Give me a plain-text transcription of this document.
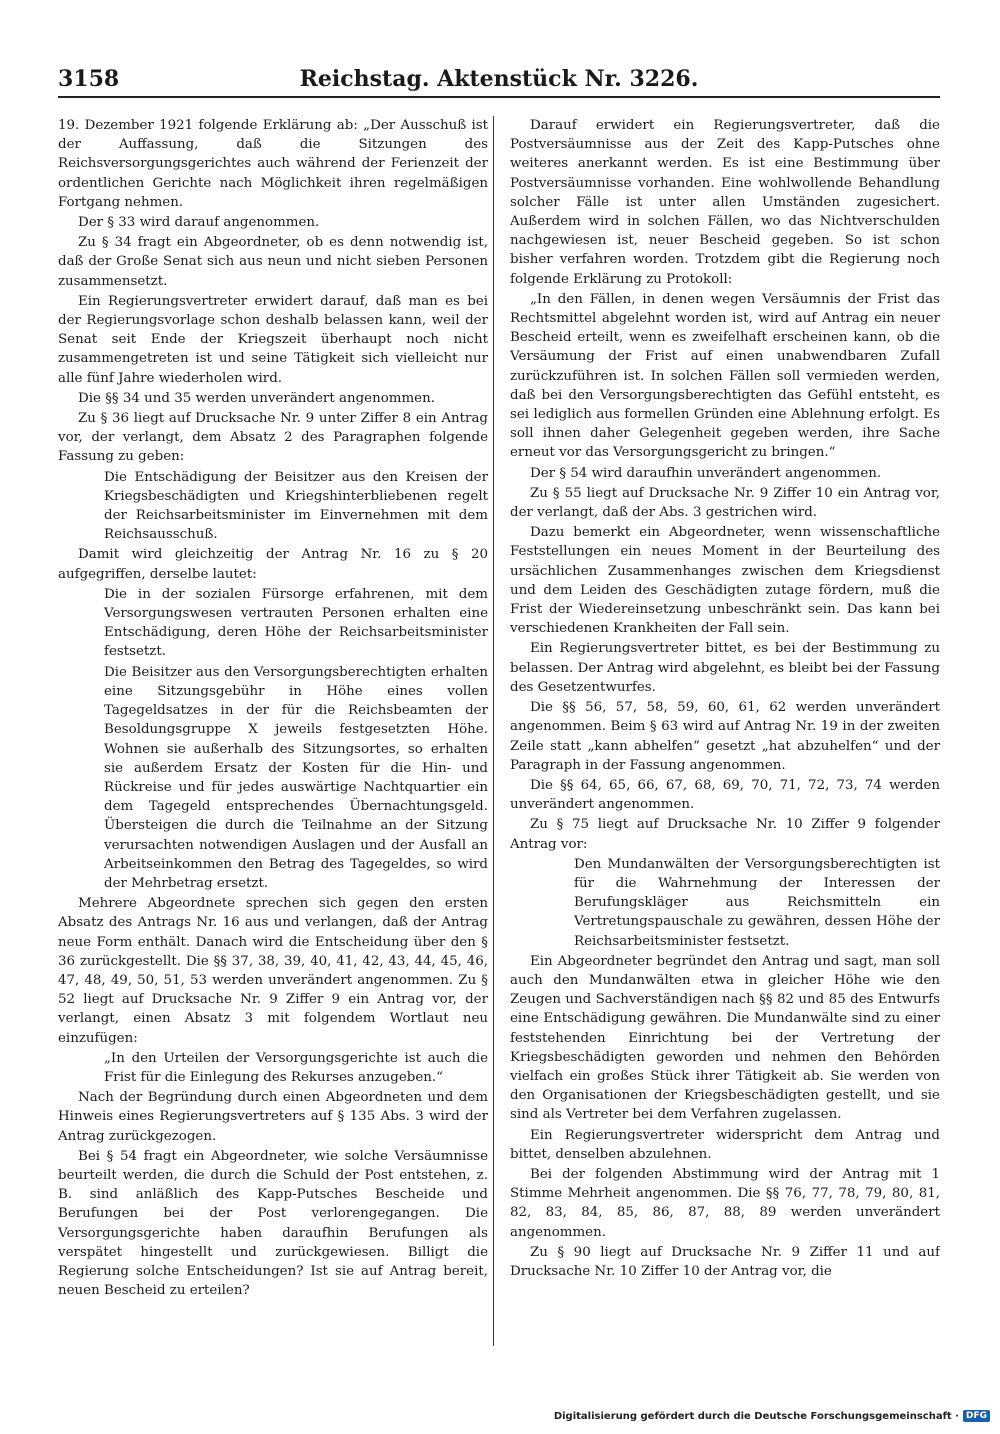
3158	Reichstag. Aktenstück Nr. 3226.

19. Dezember 1921 folgende Erklärung ab: „Der Ausschuß ist der Auffassung, daß die Sitzungen des Reichsversorgungsgerichtes auch während der Ferienzeit der ordentlichen Gerichte nach Möglichkeit ihren regelmäßigen Fortgang nehmen.

Der § 33 wird darauf angenommen.

Zu § 34 fragt ein Abgeordneter, ob es denn notwendig ist, daß der Große Senat sich aus neun und nicht sieben Personen zusammensetzt.

Ein Regierungsvertreter erwidert darauf, daß man es bei der Regierungsvorlage schon deshalb belassen kann, weil der Senat seit Ende der Kriegszeit überhaupt noch nicht zusammengetreten ist und seine Tätigkeit sich vielleicht nur alle fünf Jahre wiederholen wird.

Die §§ 34 und 35 werden unverändert angenommen.

Zu § 36 liegt auf Drucksache Nr. 9 unter Ziffer 8 ein Antrag vor, der verlangt, dem Absatz 2 des Paragraphen folgende Fassung zu geben:

Die Entschädigung der Beisitzer aus den Kreisen der Kriegsbeschädigten und Kriegshinterbliebenen regelt der Reichsarbeitsminister im Einvernehmen mit dem Reichsausschuß.

Damit wird gleichzeitig der Antrag Nr. 16 zu § 20 aufgegriffen, derselbe lautet:

Die in der sozialen Fürsorge erfahrenen, mit dem Versorgungswesen vertrauten Personen erhalten eine Entschädigung, deren Höhe der Reichsarbeitsminister festsetzt.

Die Beisitzer aus den Versorgungsberechtigten erhalten eine Sitzungsgebühr in Höhe eines vollen Tagegeldsatzes in der für die Reichsbeamten der Besoldungsgruppe X jeweils festgesetzten Höhe. Wohnen sie außerhalb des Sitzungsortes, so erhalten sie außerdem Ersatz der Kosten für die Hin- und Rückreise und für jedes auswärtige Nachtquartier ein dem Tagegeld entsprechendes Übernachtungsgeld. Übersteigen die durch die Teilnahme an der Sitzung verursachten notwendigen Auslagen und der Ausfall an Arbeitseinkommen den Betrag des Tagegeldes, so wird der Mehrbetrag ersetzt.

Mehrere Abgeordnete sprechen sich gegen den ersten Absatz des Antrags Nr. 16 aus und verlangen, daß der Antrag neue Form enthält. Danach wird die Entscheidung über den § 36 zurückgestellt. Die §§ 37, 38, 39, 40, 41, 42, 43, 44, 45, 46, 47, 48, 49, 50, 51, 53 werden unverändert angenommen. Zu § 52 liegt auf Drucksache Nr. 9 Ziffer 9 ein Antrag vor, der verlangt, einen Absatz 3 mit folgendem Wortlaut neu einzufügen:

„In den Urteilen der Versorgungsgerichte ist auch die Frist für die Einlegung des Rekurses anzugeben.“

Nach der Begründung durch einen Abgeordneten und dem Hinweis eines Regierungsvertreters auf § 135 Abs. 3 wird der Antrag zurückgezogen.

Bei § 54 fragt ein Abgeordneter, wie solche Versäumnisse beurteilt werden, die durch die Schuld der Post entstehen, z. B. sind anläßlich des Kapp-Putsches Bescheide und Berufungen bei der Post verlorengegangen. Die Versorgungsgerichte haben daraufhin Berufungen als verspätet hingestellt und zurückgewiesen. Billigt die Regierung solche Entscheidungen? Ist sie auf Antrag bereit, neuen Bescheid zu erteilen?

Darauf erwidert ein Regierungsvertreter, daß die Postversäumnisse aus der Zeit des Kapp-Putsches ohne weiteres anerkannt werden. Es ist eine Bestimmung über Postversäumnisse vorhanden. Eine wohlwollende Behandlung solcher Fälle ist unter allen Umständen zugesichert. Außerdem wird in solchen Fällen, wo das Nichtverschulden nachgewiesen ist, neuer Bescheid gegeben. So ist schon bisher verfahren worden. Trotzdem gibt die Regierung noch folgende Erklärung zu Protokoll:

„In den Fällen, in denen wegen Versäumnis der Frist das Rechtsmittel abgelehnt worden ist, wird auf Antrag ein neuer Bescheid erteilt, wenn es zweifelhaft erscheinen kann, ob die Versäumung der Frist auf einen unabwendbaren Zufall zurückzuführen ist. In solchen Fällen soll vermieden werden, daß bei den Versorgungsberechtigten das Gefühl entsteht, es sei lediglich aus formellen Gründen eine Ablehnung erfolgt. Es soll ihnen daher Gelegenheit gegeben werden, ihre Sache erneut vor das Versorgungsgericht zu bringen.“

Der § 54 wird daraufhin unverändert angenommen.

Zu § 55 liegt auf Drucksache Nr. 9 Ziffer 10 ein Antrag vor, der verlangt, daß der Abs. 3 gestrichen wird.

Dazu bemerkt ein Abgeordneter, wenn wissenschaftliche Feststellungen ein neues Moment in der Beurteilung des ursächlichen Zusammenhanges zwischen dem Kriegsdienst und dem Leiden des Geschädigten zutage fördern, muß die Frist der Wiedereinsetzung unbeschränkt sein. Das kann bei verschiedenen Krankheiten der Fall sein.

Ein Regierungsvertreter bittet, es bei der Bestimmung zu belassen. Der Antrag wird abgelehnt, es bleibt bei der Fassung des Gesetzentwurfes.

Die §§ 56, 57, 58, 59, 60, 61, 62 werden unverändert angenommen. Beim § 63 wird auf Antrag Nr. 19 in der zweiten Zeile statt „kann abhelfen“ gesetzt „hat abzuhelfen“ und der Paragraph in der Fassung angenommen.

Die §§ 64, 65, 66, 67, 68, 69, 70, 71, 72, 73, 74 werden unverändert angenommen.

Zu § 75 liegt auf Drucksache Nr. 10 Ziffer 9 folgender Antrag vor:

Den Mundanwälten der Versorgungsberechtigten ist für die Wahrnehmung der Interessen der Berufungskläger aus Reichsmitteln ein Vertretungspauschale zu gewähren, dessen Höhe der Reichsarbeitsminister festsetzt.

Ein Abgeordneter begründet den Antrag und sagt, man soll auch den Mundanwälten etwa in gleicher Höhe wie den Zeugen und Sachverständigen nach §§ 82 und 85 des Entwurfs eine Entschädigung gewähren. Die Mundanwälte sind zu einer feststehenden Einrichtung bei der Vertretung der Kriegsbeschädigten geworden und nehmen den Behörden vielfach ein großes Stück ihrer Tätigkeit ab. Sie werden von den Organisationen der Kriegsbeschädigten gestellt, und sie sind als Vertreter bei dem Verfahren zugelassen.

Ein Regierungsvertreter widerspricht dem Antrag und bittet, denselben abzulehnen.

Bei der folgenden Abstimmung wird der Antrag mit 1 Stimme Mehrheit angenommen. Die §§ 76, 77, 78, 79, 80, 81, 82, 83, 84, 85, 86, 87, 88, 89 werden unverändert angenommen.

Zu § 90 liegt auf Drucksache Nr. 9 Ziffer 11 und auf Drucksache Nr. 10 Ziffer 10 der Antrag vor, die

Digitalisierung gefördert durch die Deutsche Forschungsgemeinschaft · DFG
